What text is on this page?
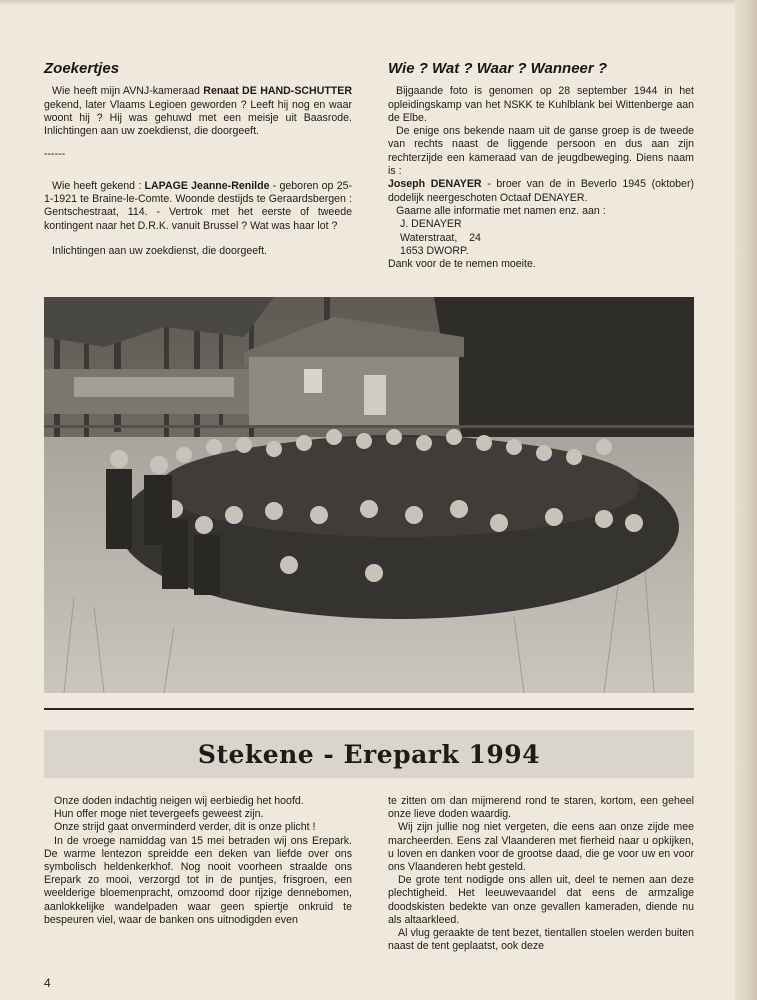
Zoekertjes

Wie heeft mijn AVNJ-kameraad Renaat DE HAND-SCHUTTER gekend, later Vlaams Legioen geworden ? Leeft hij nog en waar woont hij ? Hij was gehuwd met een meisje uit Baasrode. Inlichtingen aan uw zoekdienst, die doorgeeft.

------

Wie heeft gekend : LAPAGE Jeanne-Renilde - geboren op 25-1-1921 te Braine-le-Comte. Woonde destijds te Geraardsbergen : Gentschestraat, 114. - Vertrok met het eerste of tweede kontingent naar het D.R.K. vanuit Brussel ? Wat was haar lot ?

Inlichtingen aan uw zoekdienst, die doorgeeft.

Wie ? Wat ? Waar ? Wanneer ?

Bijgaande foto is genomen op 28 september 1944 in het opleidingskamp van het NSKK te Kuhlblank bei Wittenberge aan de Elbe.

De enige ons bekende naam uit de ganse groep is de tweede van rechts naast de liggende persoon en dus aan zijn rechterzijde een kameraad van de jeugdbeweging. Diens naam is :

Joseph DENAYER - broer van de in Beverlo 1945 (oktober) dodelijk neergeschoten Octaaf DENAYER.

Gaarne alle informatie met namen enz. aan :

J. DENAYER

Waterstraat,    24

1653 DWORP.

Dank voor de te nemen moeite.

Stekene - Erepark 1994

Onze doden indachtig neigen wij eerbiedig het hoofd.

Hun offer moge niet tevergeefs geweest zijn.

Onze strijd gaat onverminderd verder, dit is onze plicht !

In de vroege namiddag van 15 mei betraden wij ons Erepark. De warme lentezon spreidde een deken van liefde over ons symbolisch heldenkerkhof. Nog nooit voorheen straalde ons Erepark zo mooi, verzorgd tot in de puntjes, frisgroen, een weelderige bloemenpracht, omzoomd door rijzige dennebomen, aanlokkelijke wandelpaden waar geen spiertje onkruid te bespeuren viel, waar de banken ons uitnodigden even

te zitten om dan mijmerend rond te staren, kortom, een geheel onze lieve doden waardig.

Wij zijn jullie nog niet vergeten, die eens aan onze zijde mee marcheerden. Eens zal Vlaanderen met fierheid naar u opkijken, u loven en danken voor de grootse daad, die ge voor uw en voor ons Vlaanderen hebt gesteld.

De grote tent nodigde ons allen uit, deel te nemen aan deze plechtigheid. Het leeuwevaandel dat eens de armzalige doodskisten bedekte van onze gevallen kameraden, diende nu als altaarkleed.

Al vlug geraakte de tent bezet, tientallen stoelen werden buiten naast de tent geplaatst, ook deze

4
